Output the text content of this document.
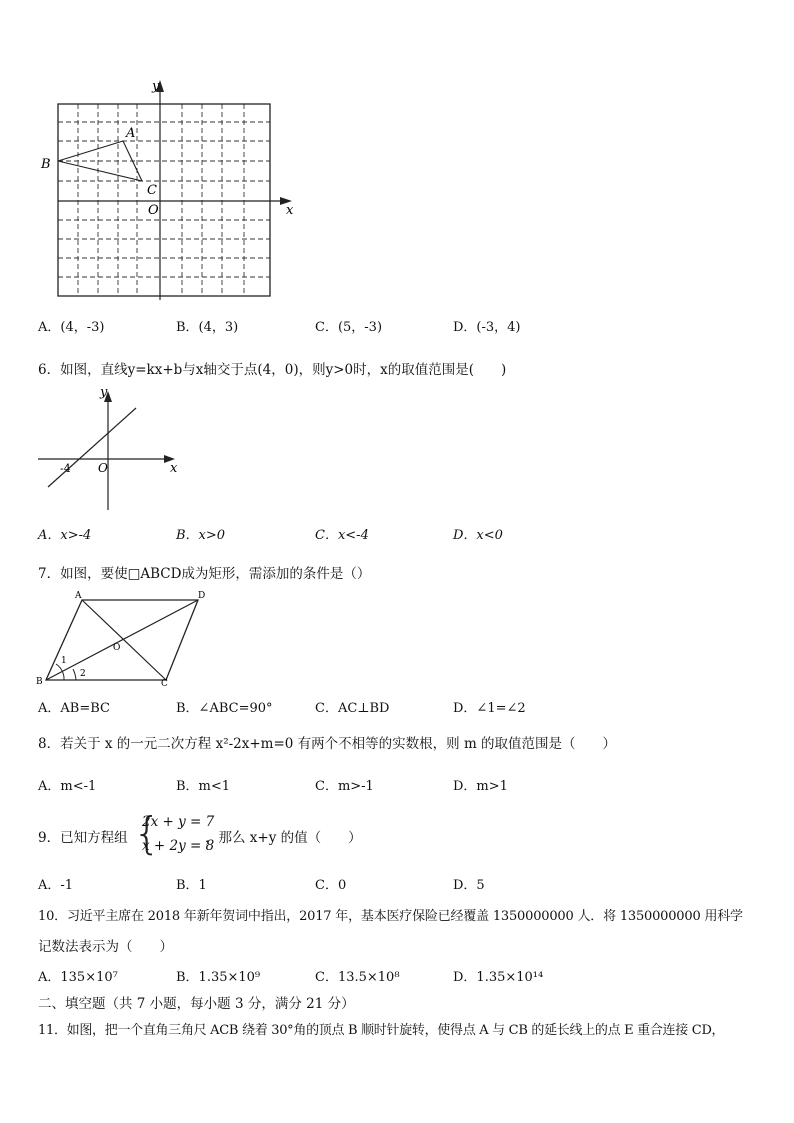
y
x
A
B
C
O
A．(4，-3)	B．(4，3)	C．(5，-3)	D．(-3，4)
6．如图，直线y=kx+b与x轴交于点(4，0)，则y>0时，x的取值范围是(　　)
y
x
O
-4
A．x>-4	B．x>0	C．x<-4	D．x<0
7．如图，要使□ABCD成为矩形，需添加的条件是（）
A	D
B	C
O
1
2
A．AB=BC	B．∠ABC=90°	C．AC⊥BD	D．∠1=∠2
8．若关于 x 的一元二次方程 x²-2x+m=0 有两个不相等的实数根，则 m 的取值范围是（　　）
A．m<-1	B．m<1	C．m>-1	D．m>1
9．已知方程组 {
2x + y = 7
x + 2y = 8
，那么 x+y 的值（　　）
A．-1	B．1	C．0	D．5
10．习近平主席在 2018 年新年贺词中指出，2017 年，基本医疗保险已经覆盖 1350000000 人．将 1350000000 用科学
记数法表示为（　　）
A．135×10⁷	B．1.35×10⁹	C．13.5×10⁸	D．1.35×10¹⁴
二、填空题（共 7 小题，每小题 3 分，满分 21 分）
11．如图，把一个直角三角尺 ACB 绕着 30°角的顶点 B 顺时针旋转，使得点 A 与 CB 的延长线上的点 E 重合连接 CD，
